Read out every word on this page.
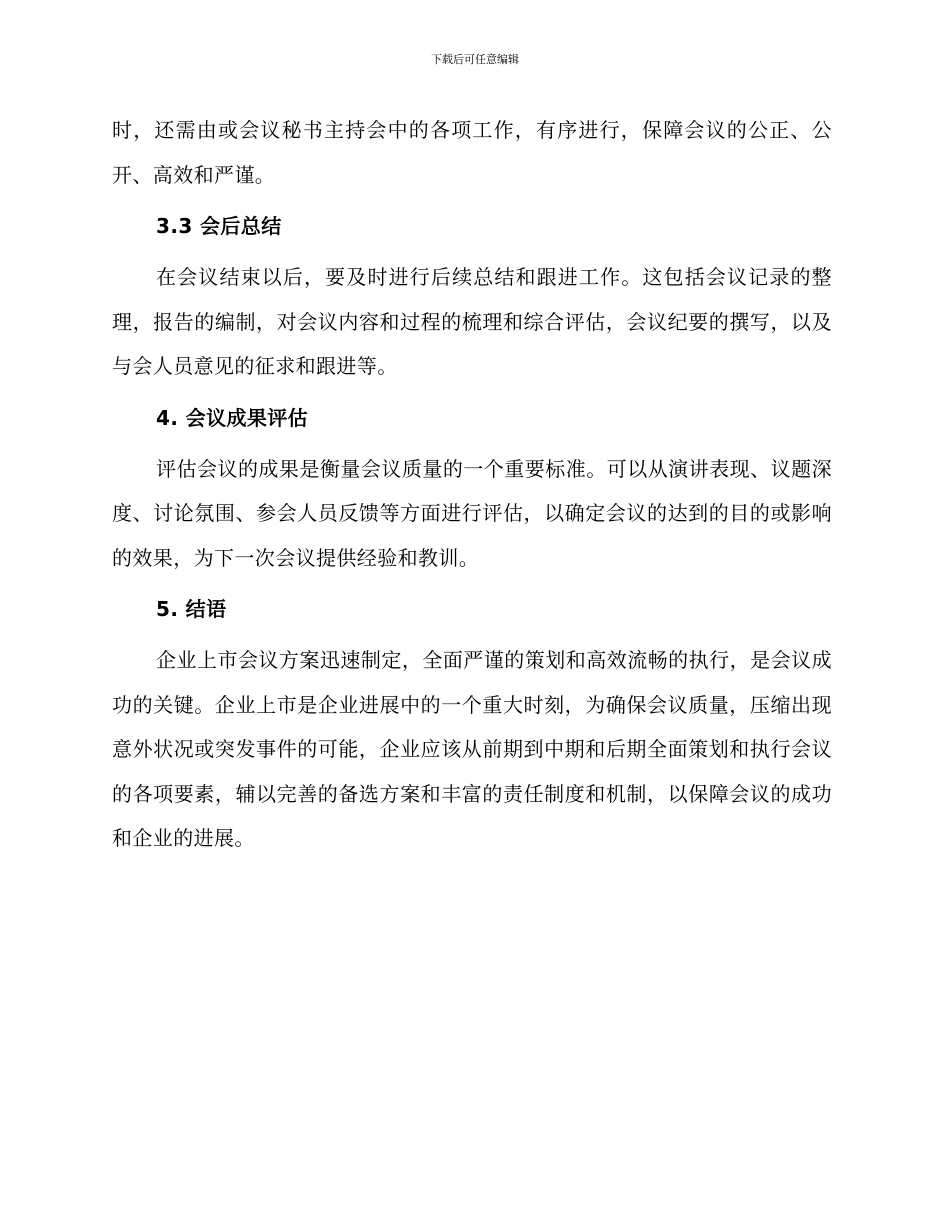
下载后可任意编辑

时，还需由或会议秘书主持会中的各项工作，有序进行，保障会议的公正、公开、高效和严谨。

3.3 会后总结

在会议结束以后，要及时进行后续总结和跟进工作。这包括会议记录的整理，报告的编制，对会议内容和过程的梳理和综合评估，会议纪要的撰写，以及与会人员意见的征求和跟进等。

4. 会议成果评估

评估会议的成果是衡量会议质量的一个重要标准。可以从演讲表现、议题深度、讨论氛围、参会人员反馈等方面进行评估，以确定会议的达到的目的或影响的效果，为下一次会议提供经验和教训。

5. 结语

企业上市会议方案迅速制定，全面严谨的策划和高效流畅的执行，是会议成功的关键。企业上市是企业进展中的一个重大时刻，为确保会议质量，压缩出现意外状况或突发事件的可能，企业应该从前期到中期和后期全面策划和执行会议的各项要素，辅以完善的备选方案和丰富的责任制度和机制，以保障会议的成功和企业的进展。
